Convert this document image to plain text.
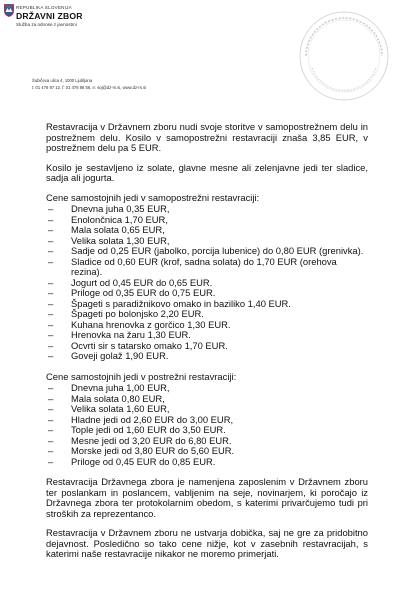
REPUBLIKA SLOVENIJA
DRŽAVNI ZBOR
Služba za odnose z javnostmi
Šubičeva ulica 4, 1000 Ljubljana
t: 01 476 97 12, f: 01 478 88 56, e: soj@dz-rs.si, www.dz-rs.si

Restavracija v Državnem zboru nudi svoje storitve v samopostrežnem delu in postrežnem delu. Kosilo v samopostrežni restavraciji znaša 3,85 EUR, v postrežnem delu pa 5 EUR.

Kosilo je sestavljeno iz solate, glavne mesne ali zelenjavne jedi ter sladice, sadja ali jogurta.

Cene samostojnih jedi v samopostrežni restavraciji:

– Dnevna juha 0,35 EUR,
– Enolončnica 1,70 EUR,
– Mala solata 0,65 EUR,
– Velika solata 1,30 EUR,
– Sadje od 0,25 EUR (jabolko, porcija lubenice) do 0,80 EUR (grenivka).
– Sladice od 0,60 EUR (krof, sadna solata) do 1,70 EUR (orehova rezina).
– Jogurt od 0,45 EUR do 0,65 EUR.
– Priloge od 0,35 EUR do 0,75 EUR.
– Špageti s paradižnikovo omako in baziliko 1,40 EUR.
– Špageti po bolonjsko 2,20 EUR.
– Kuhana hrenovka z gorčico 1,30 EUR.
– Hrenovka na žaru 1,30 EUR.
– Ocvrti sir s tatarsko omako 1,70 EUR.
– Goveji golaž 1,90 EUR.

Cene samostojnih jedi v postrežni restavraciji:

– Dnevna juha 1,00 EUR,
– Mala solata 0,80 EUR,
– Velika solata 1,60 EUR,
– Hladne jedi od 2,60 EUR do 3,00 EUR,
– Tople jedi od 1,60 EUR do 3,50 EUR.
– Mesne jedi od 3,20 EUR do 6,80 EUR.
– Morske jedi od 3,80 EUR do 5,60 EUR.
– Priloge od 0,45 EUR do 0,85 EUR.

Restavracija Državnega zbora je namenjena zaposlenim v Državnem zboru ter poslankam in poslancem, vabljenim na seje, novinarjem, ki poročajo iz Državnega zbora ter protokolarnim obedom, s katerimi privarčujemo tudi pri stroških za reprezentanco.

Restavracija v Državnem zboru ne ustvarja dobička, saj ne gre za pridobitno dejavnost. Posledično so tako cene nižje, kot v zasebnih restavracijah, s katerimi naše restavracije nikakor ne moremo primerjati.
